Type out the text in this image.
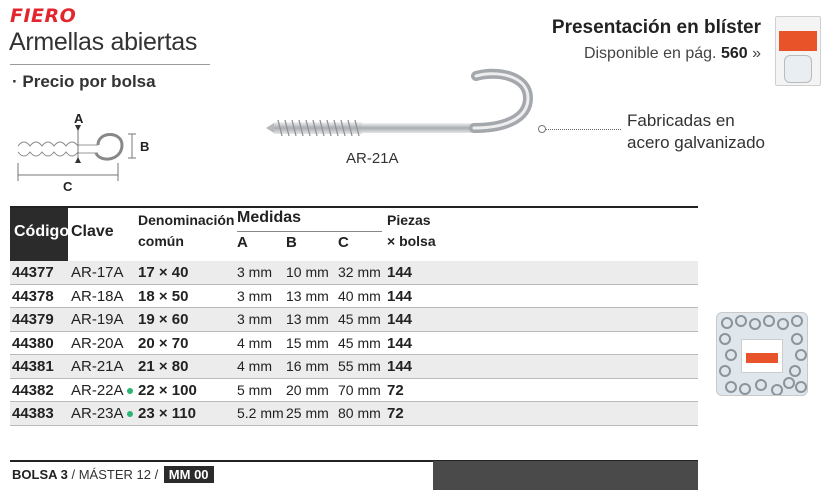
FIERO
Armellas abiertas
· Precio por bolsa
Presentación en blíster
Disponible en pág. 560 »
A
B
C
AR-21A
Fabricadas en
acero galvanizado
Código Clave
Denominación
común
Medidas
A	B	C
Piezas
× bolsa
44377 AR-17A 17 × 40	3 mm 10 mm 32 mm 144
44378 AR-18A 18 × 50	3 mm 13 mm 40 mm 144
44379 AR-19A 19 × 60	3 mm 13 mm 45 mm 144
44380 AR-20A 20 × 70	4 mm 15 mm 45 mm 144
44381 AR-21A 21 × 80	4 mm 16 mm 55 mm 144
44382 AR-22A 22 × 100	5 mm 20 mm 70 mm 72
44383 AR-23A 23 × 110	5.2 mm 25 mm 80 mm 72
BOLSA 3 / MÁSTER 12 / MM 00
